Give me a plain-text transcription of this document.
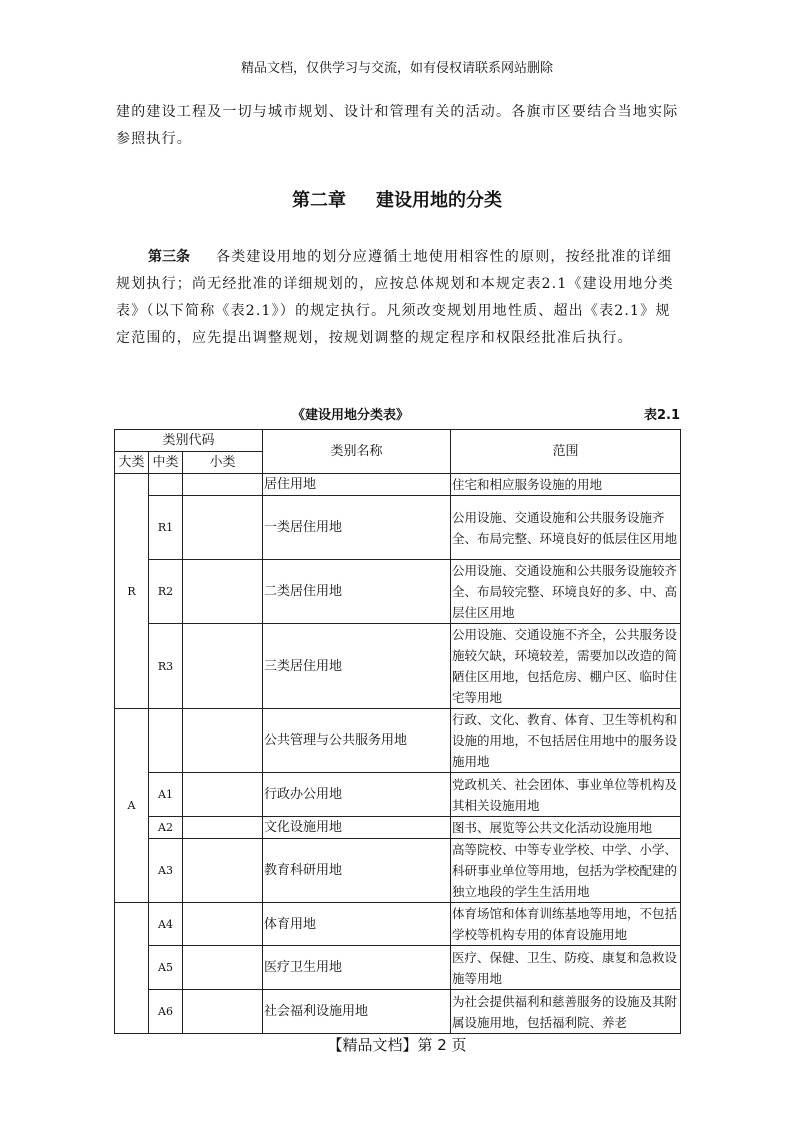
精品文档，仅供学习与交流，如有侵权请联系网站删除

建的建设工程及一切与城市规划、设计和管理有关的活动。各旗市区要结合当地实际参照执行。

第二章 建设用地的分类

第三条 各类建设用地的划分应遵循土地使用相容性的原则，按经批准的详细规划执行；尚无经批准的详细规划的，应按总体规划和本规定表2.1《建设用地分类表》（以下简称《表2.1》）的规定执行。凡须改变规划用地性质、超出《表2.1》规定范围的，应先提出调整规划，按规划调整的规定程序和权限经批准后执行。

《建设用地分类表》	表2.1
类别代码			类别名称	范围
大类	中类	小类		
R			居住用地	住宅和相应服务设施的用地
	R1		一类居住用地	公用设施、交通设施和公共服务设施齐全、布局完整、环境良好的低层住区用地
	R2		二类居住用地	公用设施、交通设施和公共服务设施较齐全、布局较完整、环境良好的多、中、高层住区用地
	R3		三类居住用地	公用设施、交通设施不齐全，公共服务设施较欠缺，环境较差，需要加以改造的简陋住区用地，包括危房、棚户区、临时住宅等用地
A			公共管理与公共服务用地	行政、文化、教育、体育、卫生等机构和设施的用地，不包括居住用地中的服务设施用地
	A1		行政办公用地	党政机关、社会团体、事业单位等机构及其相关设施用地
	A2		文化设施用地	图书、展览等公共文化活动设施用地
	A3		教育科研用地	高等院校、中等专业学校、中学、小学、科研事业单位等用地，包括为学校配建的独立地段的学生生活用地
	A4		体育用地	体育场馆和体育训练基地等用地，不包括学校等机构专用的体育设施用地
	A5		医疗卫生用地	医疗、保健、卫生、防疫、康复和急救设施等用地
	A6		社会福利设施用地	为社会提供福利和慈善服务的设施及其附属设施用地，包括福利院、养老
【精品文档】第 2 页
